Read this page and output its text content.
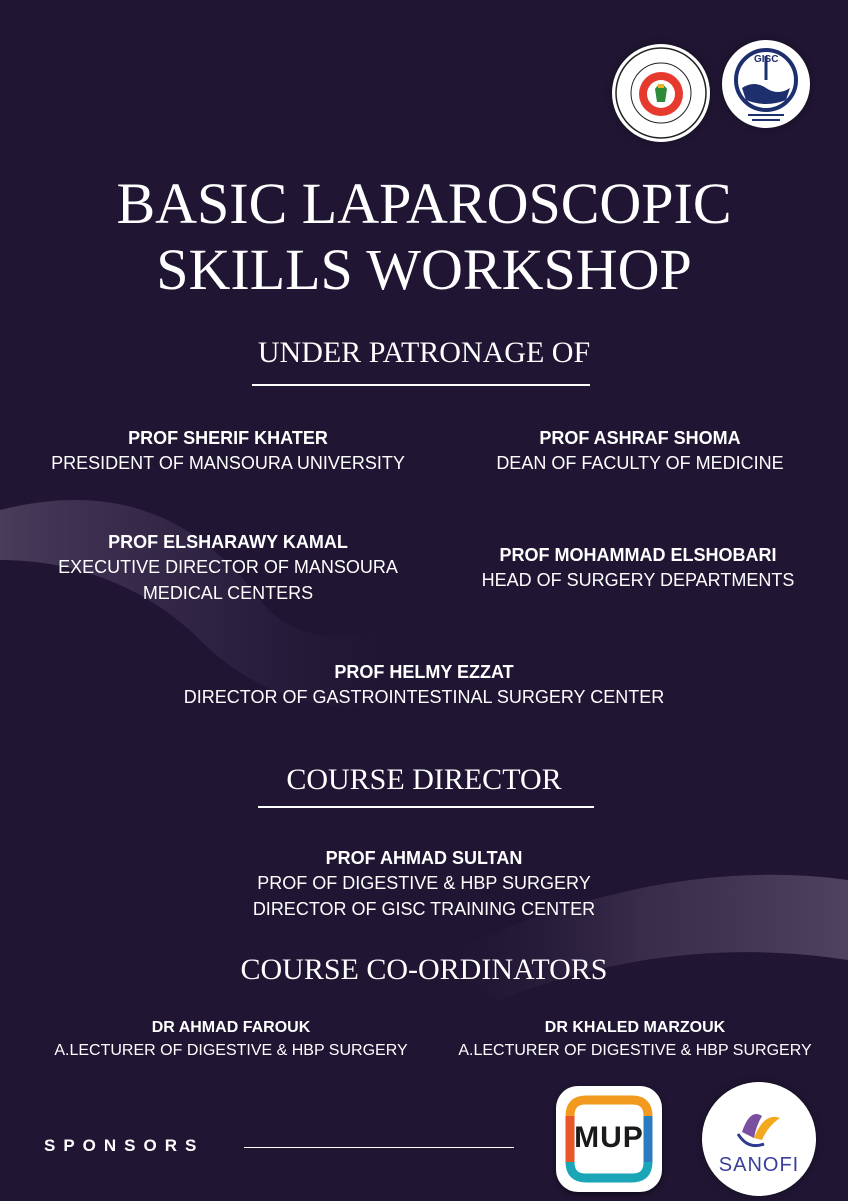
GISC
BASIC LAPAROSCOPIC
SKILLS WORKSHOP
UNDER PATRONAGE OF
PROF SHERIF KHATER
PRESIDENT OF MANSOURA UNIVERSITY
PROF ASHRAF SHOMA
DEAN OF FACULTY OF MEDICINE
PROF ELSHARAWY KAMAL
EXECUTIVE DIRECTOR OF MANSOURA
MEDICAL CENTERS
PROF MOHAMMAD ELSHOBARI
HEAD OF SURGERY DEPARTMENTS
PROF HELMY EZZAT
DIRECTOR OF GASTROINTESTINAL SURGERY CENTER
COURSE DIRECTOR
PROF AHMAD SULTAN
PROF OF DIGESTIVE & HBP SURGERY
DIRECTOR OF GISC TRAINING CENTER
COURSE CO-ORDINATORS
DR AHMAD FAROUK
A.LECTURER OF DIGESTIVE & HBP SURGERY
DR KHALED MARZOUK
A.LECTURER OF DIGESTIVE & HBP SURGERY
SPONSORS	MUP
SANOFI
